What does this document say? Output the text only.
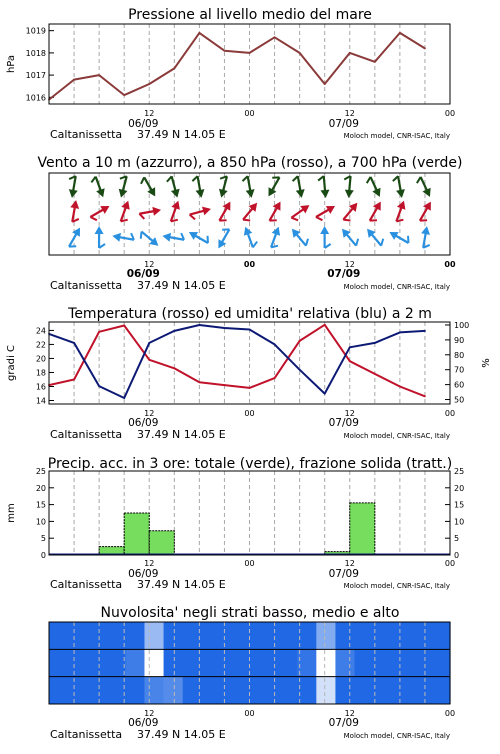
Pressione al livello medio del mare
1016
1017
1018
1019
hPa
12	00	12	00
06/09	07/09
Caltanissetta 37.49 N 14.05 E	Moloch model, CNR-ISAC, Italy
Vento a 10 m (azzurro), a 850 hPa (rosso), a 700 hPa (verde)
12	00	12	00
06/09	07/09
Caltanissetta 37.49 N 14.05 E	Moloch model, CNR-ISAC, Italy
Temperatura (rosso) ed umidita' relativa (blu) a 2 m
14
16
18
20
22
24
50
60
70
80
90
100
gradi C	%
12	00	12	00
06/09	07/09
Caltanissetta 37.49 N 14.05 E	Moloch model, CNR-ISAC, Italy
Precip. acc. in 3 ore: totale (verde), frazione solida (tratt.)
0
5
10
15
20
25
0
5
10
15
20
25
mm
12	00	12	00
06/09	07/09
Caltanissetta 37.49 N 14.05 E	Moloch model, CNR-ISAC, Italy
Nuvolosita' negli strati basso, medio e alto
12	00	12	00
06/09	07/09
Caltanissetta 37.49 N 14.05 E	Moloch model, CNR-ISAC, Italy
